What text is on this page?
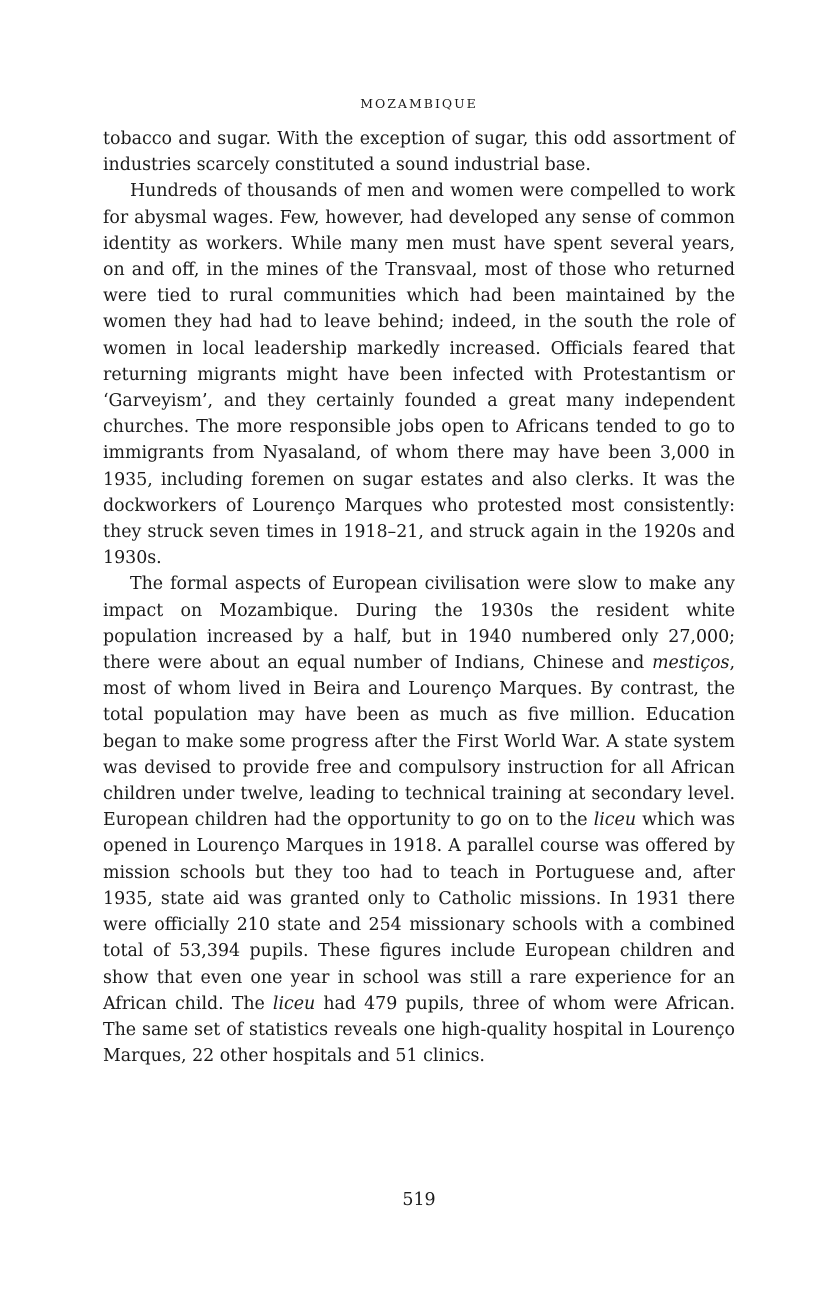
MOZAMBIQUE

tobacco and sugar. With the exception of sugar, this odd assortment of industries scarcely constituted a sound industrial base.

Hundreds of thousands of men and women were compelled to work for abysmal wages. Few, however, had developed any sense of common identity as workers. While many men must have spent several years, on and off, in the mines of the Transvaal, most of those who returned were tied to rural communities which had been maintained by the women they had had to leave behind; indeed, in the south the role of women in local leadership markedly increased. Officials feared that returning migrants might have been infected with Protestantism or ‘Garveyism’, and they certainly founded a great many independent churches. The more responsible jobs open to Africans tended to go to immigrants from Nyasaland, of whom there may have been 3,000 in 1935, including foremen on sugar estates and also clerks. It was the dockworkers of Lourenço Marques who protested most consistently: they struck seven times in 1918–21, and struck again in the 1920s and 1930s.

The formal aspects of European civilisation were slow to make any impact on Mozambique. During the 1930s the resident white population increased by a half, but in 1940 numbered only 27,000; there were about an equal number of Indians, Chinese and mestiços, most of whom lived in Beira and Lourenço Marques. By contrast, the total population may have been as much as five million. Education began to make some progress after the First World War. A state system was devised to provide free and compulsory instruction for all African children under twelve, leading to technical training at secondary level. European children had the opportunity to go on to the liceu which was opened in Lourenço Marques in 1918. A parallel course was offered by mission schools but they too had to teach in Portuguese and, after 1935, state aid was granted only to Catholic missions. In 1931 there were officially 210 state and 254 missionary schools with a combined total of 53,394 pupils. These figures include European children and show that even one year in school was still a rare experience for an African child. The liceu had 479 pupils, three of whom were African. The same set of statistics reveals one high-quality hospital in Lourenço Marques, 22 other hospitals and 51 clinics.

519
